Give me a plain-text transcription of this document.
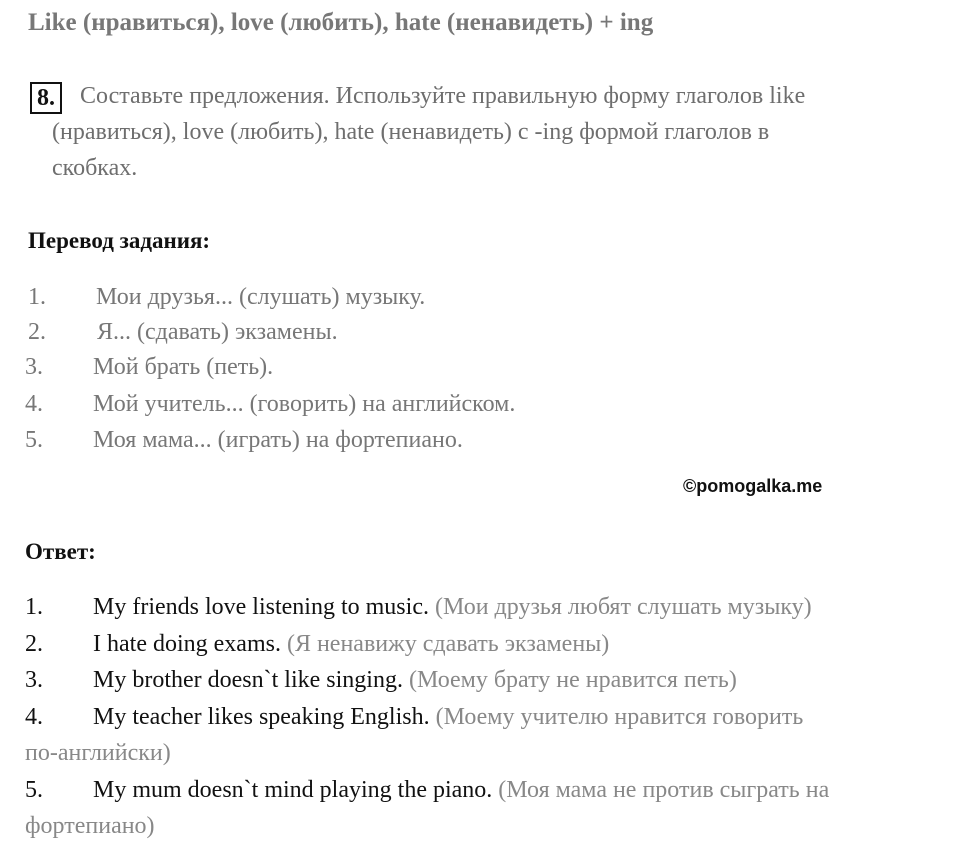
Like (нравиться), love (любить), hate (ненавидеть) + ing
8. Составьте предложения. Используйте правильную форму глаголов like
(нравиться), love (любить), hate (ненавидеть) с -ing формой глаголов в
скобках.
Перевод задания:
1. Мои друзья... (слушать) музыку.
2. Я... (сдавать) экзамены.
3. Мой брать (петь).
4. Мой учитель... (говорить) на английском.
5. Моя мама... (играть) на фортепиано.
©pomogalka.me
Ответ:
1. My friends love listening to music. (Мои друзья любят слушать музыку)
2. I hate doing exams. (Я ненавижу сдавать экзамены)
3. My brother doesn`t like singing. (Моему брату не нравится петь)
4. My teacher likes speaking English. (Моему учителю нравится говорить
по-английски)
5. My mum doesn`t mind playing the piano. (Моя мама не против сыграть на
фортепиано)
